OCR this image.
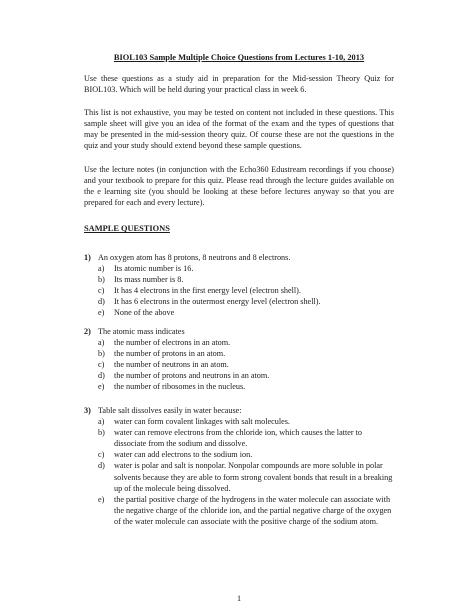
BIOL103 Sample Multiple Choice Questions from Lectures 1-10, 2013

Use these questions as a study aid in preparation for the Mid-session Theory Quiz for BIOL103. Which will be held during your practical class in week 6.

This list is not exhaustive, you may be tested on content not included in these questions. This sample sheet will give you an idea of the format of the exam and the types of questions that may be presented in the mid-session theory quiz. Of course these are not the questions in the quiz and your study should extend beyond these sample questions.

Use the lecture notes (in conjunction with the Echo360 Edustream recordings if you choose) and your textbook to prepare for this quiz. Please read through the lecture guides available on the e learning site (you should be looking at these before lectures anyway so that you are prepared for each and every lecture).

SAMPLE QUESTIONS
1) An oxygen atom has 8 protons, 8 neutrons and 8 electrons.
a) Its atomic number is 16.
b) Its mass number is 8.
c) It has 4 electrons in the first energy level (electron shell).
d) It has 6 electrons in the outermost energy level (electron shell).
e) None of the above
2) The atomic mass indicates
a) the number of electrons in an atom.
b) the number of protons in an atom.
c) the number of neutrons in an atom.
d) the number of protons and neutrons in an atom.
e) the number of ribosomes in the nucleus.
3) Table salt dissolves easily in water because:
a) water can form covalent linkages with salt molecules.
b) water can remove electrons from the chloride ion, which causes the latter to dissociate from the sodium and dissolve.
c) water can add electrons to the sodium ion.
d) water is polar and salt is nonpolar. Nonpolar compounds are more soluble in polar solvents because they are able to form strong covalent bonds that result in a breaking up of the molecule being dissolved.
e) the partial positive charge of the hydrogens in the water molecule can associate with the negative charge of the chloride ion, and the partial negative charge of the oxygen of the water molecule can associate with the positive charge of the sodium atom.
1
